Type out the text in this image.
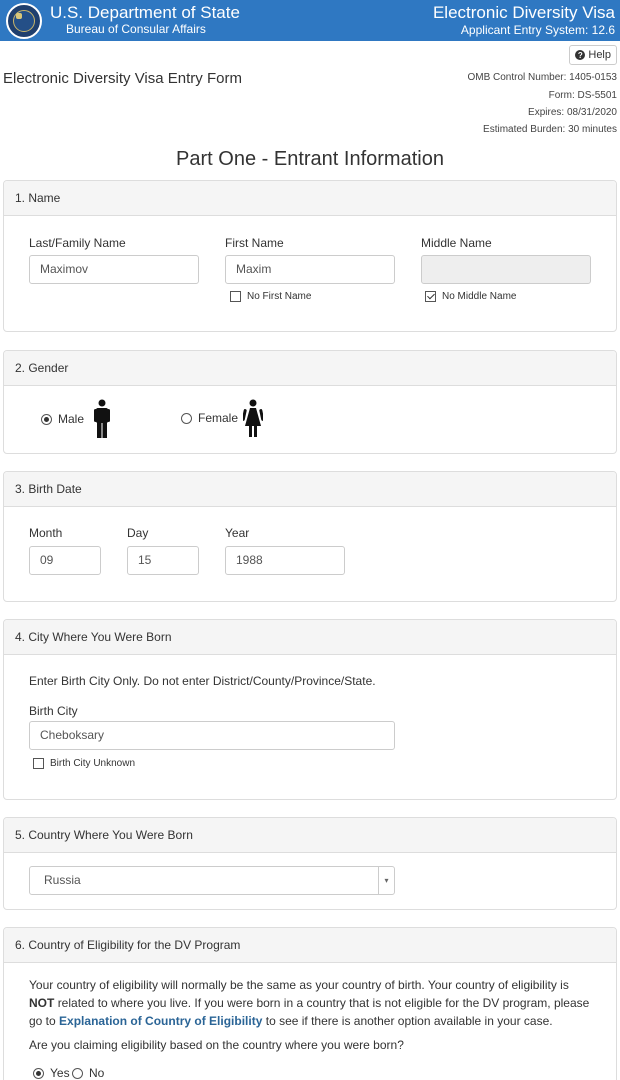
U.S. Department of State
Bureau of Consular Affairs
Electronic Diversity Visa
Applicant Entry System: 12.6
? Help
Electronic Diversity Visa Entry Form	OMB Control Number: 1405-0153
Form: DS-5501
Expires: 08/31/2020
Estimated Burden: 30 minutes
Part One - Entrant Information
1. Name
Last/Family Name
Maximov
First Name
Maxim
No First Name
Middle Name
No Middle Name
2. Gender
Male	Female
3. Birth Date
Month
09
Day
15
Year
1988
4. City Where You Were Born
Enter Birth City Only. Do not enter District/County/Province/State.
Birth City
Cheboksary
Birth City Unknown
5. Country Where You Were Born
Russia	▾
6. Country of Eligibility for the DV Program
Your country of eligibility will normally be the same as your country of birth. Your country of eligibility is NOT related to where you live. If you were born in a country that is not eligible for the DV program, please go to Explanation of Country of Eligibility to see if there is another option available in your case.
Are you claiming eligibility based on the country where you were born?
Yes No
